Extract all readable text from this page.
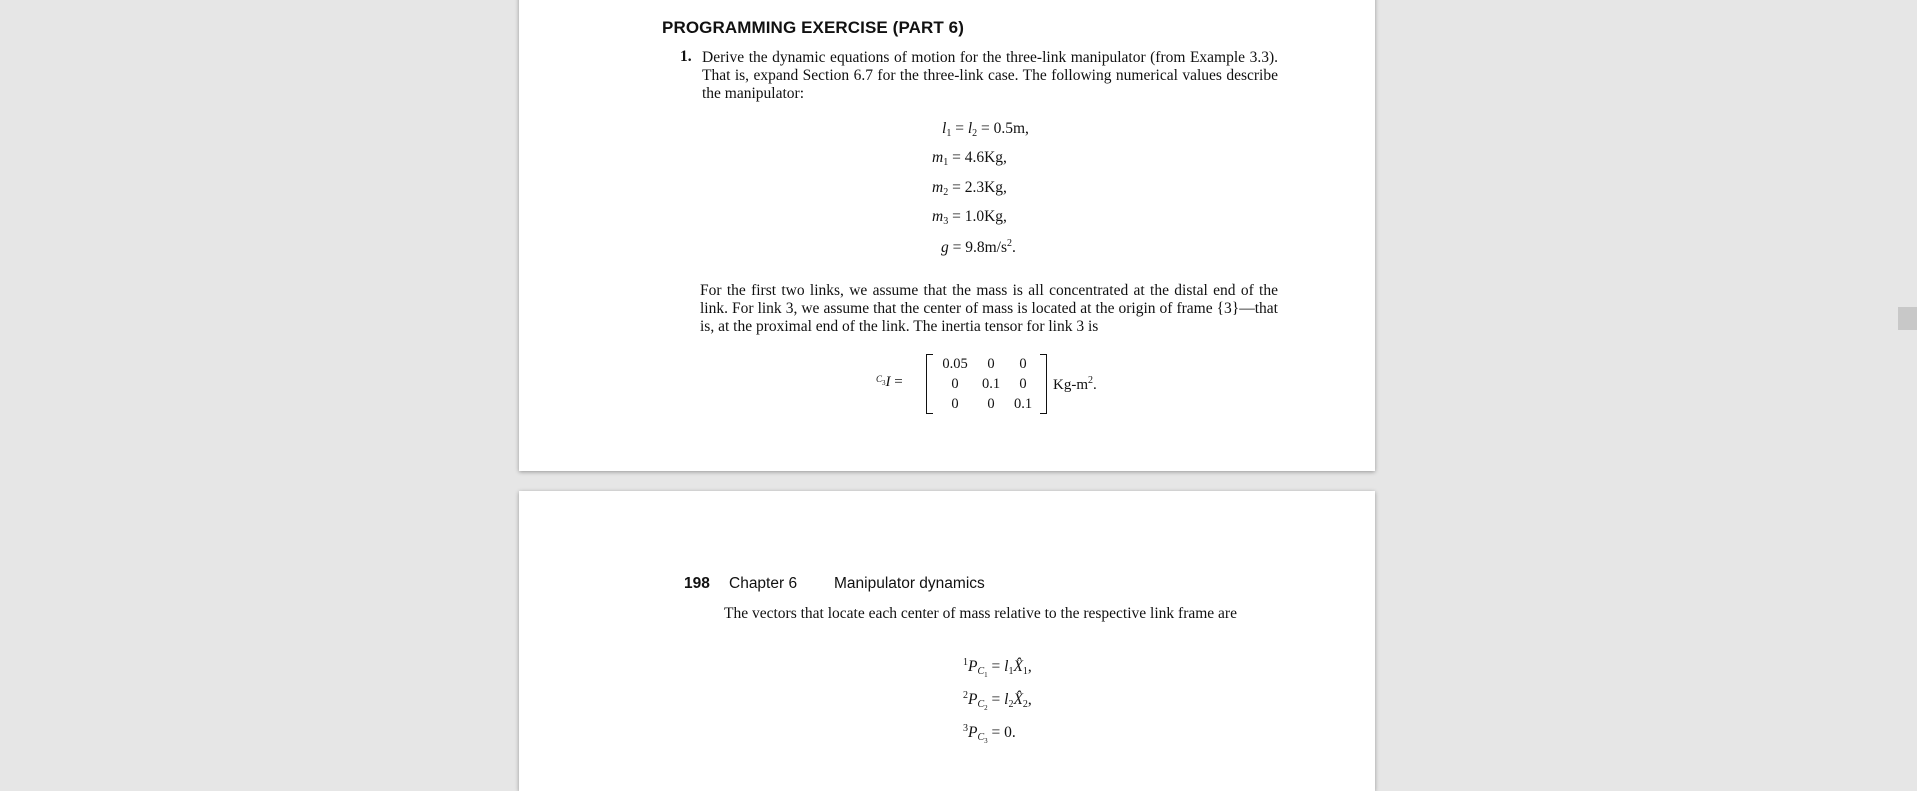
PROGRAMMING EXERCISE (PART 6)
1. Derive the dynamic equations of motion for the three-link manipulator (from Example 3.3). That is, expand Section 6.7 for the three-link case. The following numerical values describe the manipulator:
$l_1 = l_2 = 0.5m$,
$m_1 = 4.6Kg$,
$m_2 = 2.3Kg$,
$m_3 = 1.0Kg$,
$g = 9.8m/s^2$.
For the first two links, we assume that the mass is all concentrated at the distal end of the link. For link 3, we assume that the center of mass is located at the origin of frame {3}—that is, at the proximal end of the link. The inertia tensor for link 3 is
$^{C_3}$I =
0.05	0	0
0	0.1	0
0	0	0.1
$Kg-m^2$.
198 Chapter 6 Manipulator dynamics
The vectors that locate each center of mass relative to the respective link frame are
$^1P_{C_1}$ = $l_1X̂_1$,
$^2P_{C_2}$ = $l_2X̂_2$,
$^3P_{C_3} = 0$.
